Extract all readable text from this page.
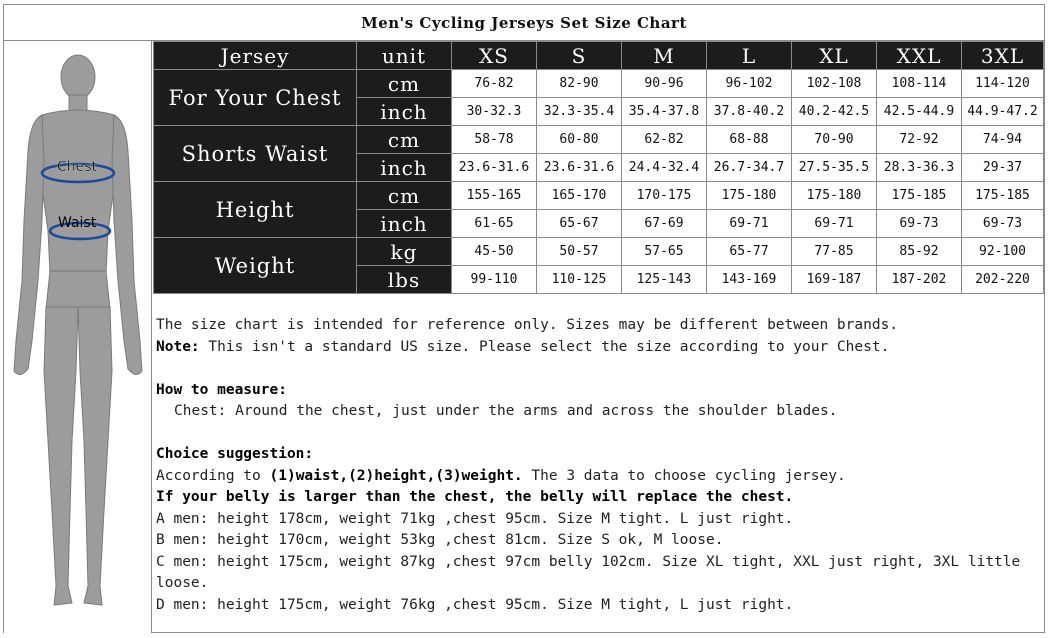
Men's Cycling Jerseys Set Size Chart
Chest
Waist
Jersey	unit	XS	S	M	L	XL	XXL	3XL
For Your Chest	cm	76-82	82-90	90-96	96-102	102-108	108-114	114-120
	inch	30-32.3	32.3-35.4	35.4-37.8	37.8-40.2	40.2-42.5	42.5-44.9	44.9-47.2
Shorts Waist	cm	58-78	60-80	62-82	68-88	70-90	72-92	74-94
	inch	23.6-31.6	23.6-31.6	24.4-32.4	26.7-34.7	27.5-35.5	28.3-36.3	29-37
Height	cm	155-165	165-170	170-175	175-180	175-180	175-185	175-185
	inch	61-65	65-67	67-69	69-71	69-71	69-73	69-73
Weight	kg	45-50	50-57	57-65	65-77	77-85	85-92	92-100
	lbs	99-110	110-125	125-143	143-169	169-187	187-202	202-220

The size chart is intended for reference only. Sizes may be different between brands.

Note: This isn't a standard US size. Please select the size according to your Chest.

How to measure:

Chest: Around the chest, just under the arms and across the shoulder blades.

Choice suggestion:

According to (1)waist,(2)height,(3)weight. The 3 data to choose cycling jersey.

If your belly is larger than the chest, the belly will replace the chest.

A men: height 178cm, weight 71kg ,chest 95cm. Size M tight. L just right.

B men: height 170cm, weight 53kg ,chest 81cm. Size S ok, M loose.

C men: height 175cm, weight 87kg ,chest 97cm belly 102cm. Size XL tight, XXL just right, 3XL little loose.

D men: height 175cm, weight 76kg ,chest 95cm. Size M tight, L just right.
